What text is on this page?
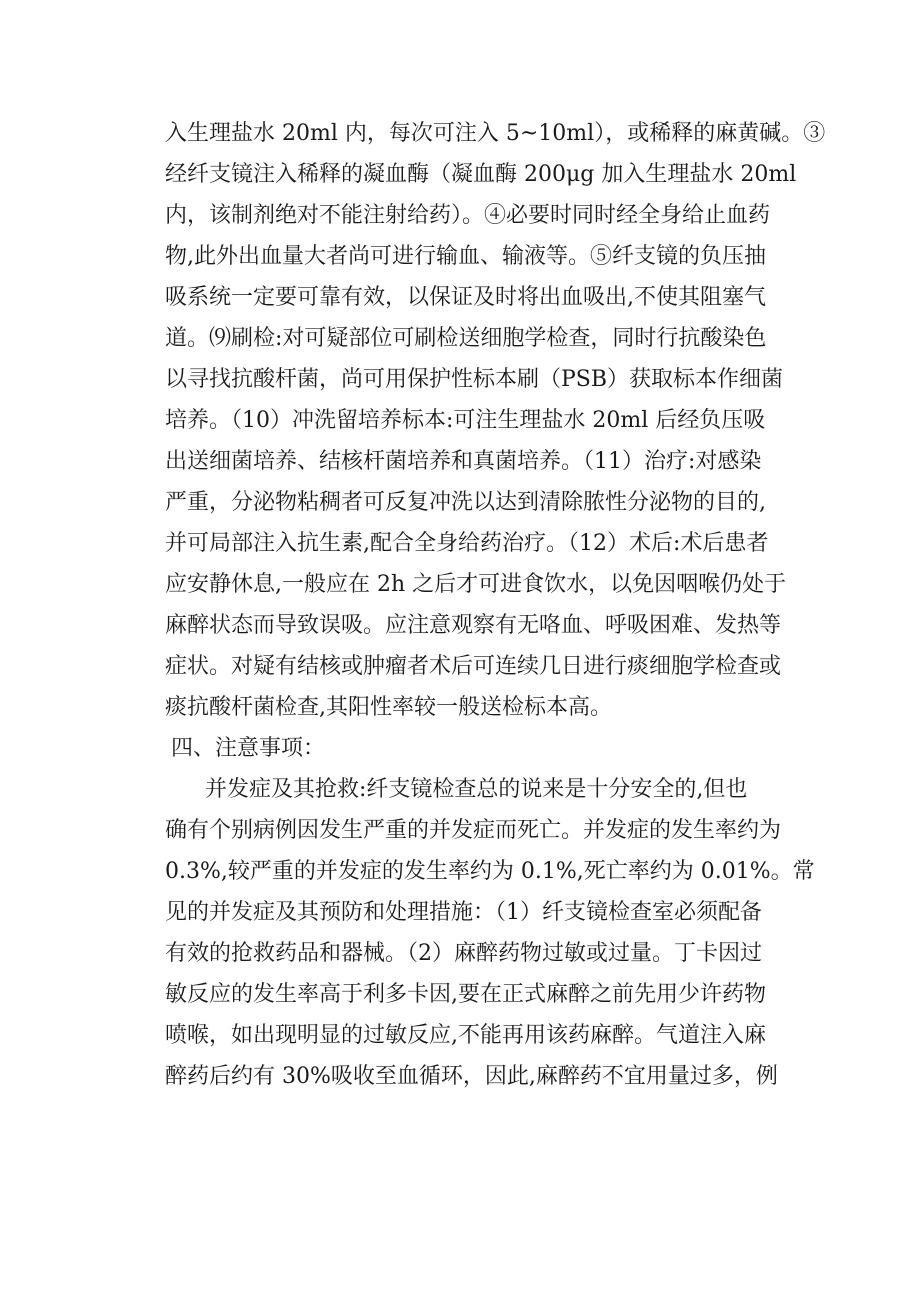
入生理盐水 20ml 内，每次可注入 5~10ml），或稀释的麻黄碱。③
经纤支镜注入稀释的凝血酶（凝血酶 200μg 加入生理盐水 20ml
内，该制剂绝对不能注射给药）。④必要时同时经全身给止血药
物,此外出血量大者尚可进行输血、输液等。⑤纤支镜的负压抽
吸系统一定要可靠有效，以保证及时将出血吸出,不使其阻塞气
道。⑼刷检:对可疑部位可刷检送细胞学检查，同时行抗酸染色
以寻找抗酸杆菌，尚可用保护性标本刷（PSB）获取标本作细菌
培养。（10）冲洗留培养标本:可注生理盐水 20ml 后经负压吸
出送细菌培养、结核杆菌培养和真菌培养。（11）治疗:对感染
严重，分泌物粘稠者可反复冲洗以达到清除脓性分泌物的目的,
并可局部注入抗生素,配合全身给药治疗。（12）术后:术后患者
应安静休息,一般应在 2h 之后才可进食饮水，以免因咽喉仍处于
麻醉状态而导致误吸。应注意观察有无咯血、呼吸困难、发热等
症状。对疑有结核或肿瘤者术后可连续几日进行痰细胞学检查或
痰抗酸杆菌检查,其阳性率较一般送检标本高。
四、注意事项：
并发症及其抢救:纤支镜检查总的说来是十分安全的,但也
确有个别病例因发生严重的并发症而死亡。并发症的发生率约为
0.3%,较严重的并发症的发生率约为 0.1%,死亡率约为 0.01%。常
见的并发症及其预防和处理措施：（1）纤支镜检查室必须配备
有效的抢救药品和器械。（2）麻醉药物过敏或过量。丁卡因过
敏反应的发生率高于利多卡因,要在正式麻醉之前先用少许药物
喷喉，如出现明显的过敏反应,不能再用该药麻醉。气道注入麻
醉药后约有 30%吸收至血循环，因此,麻醉药不宜用量过多，例
